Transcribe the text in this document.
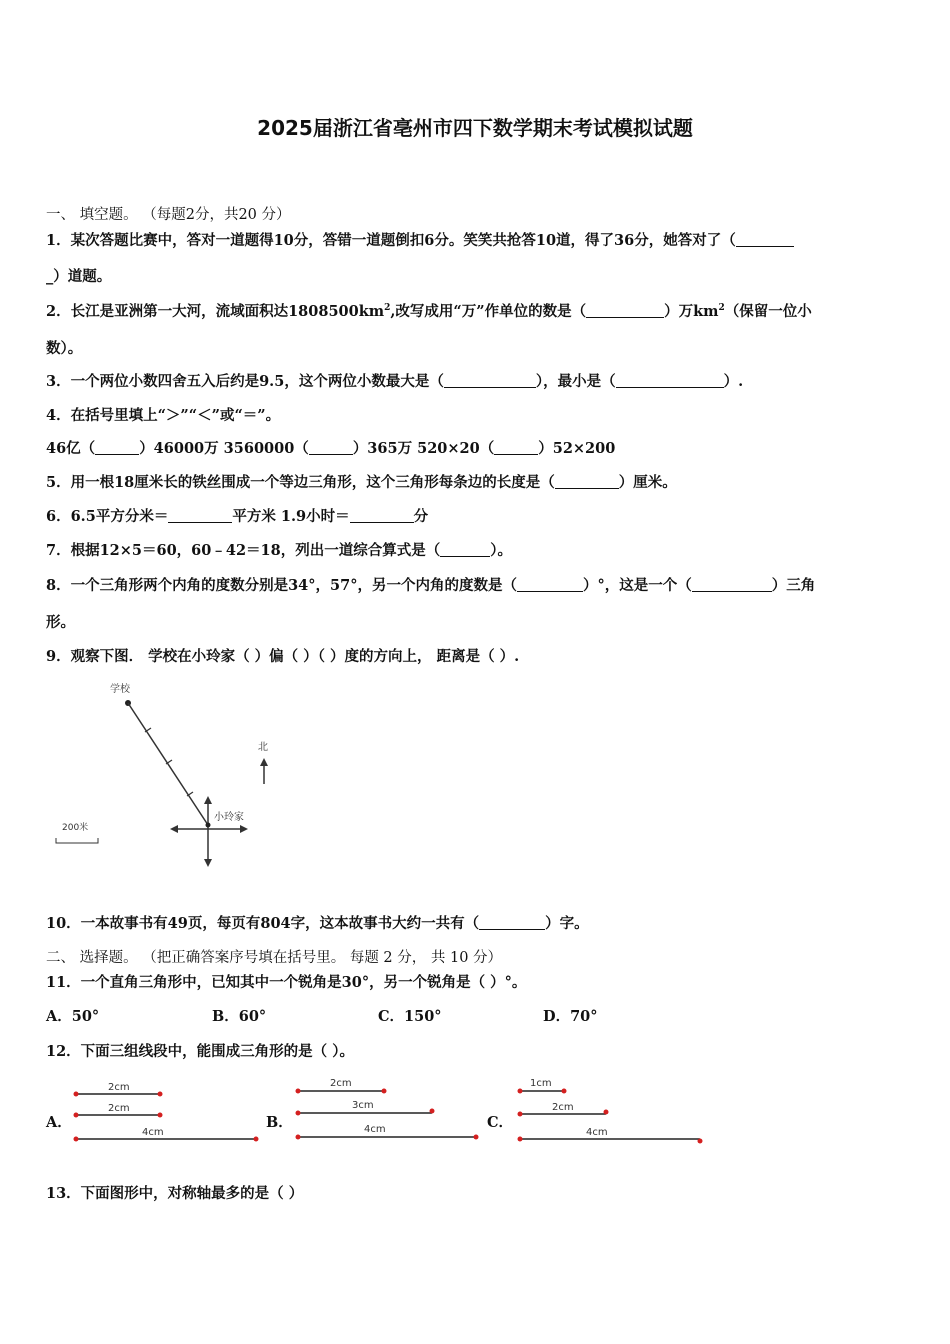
2025届浙江省亳州市四下数学期末考试模拟试题
一、 填空题。 （每题2分，共20 分）
1．某次答题比赛中，答对一道题得10分，答错一道题倒扣6分。笑笑共抢答10道，得了36分，她答对了（
_）道题。
2．长江是亚洲第一大河，流域面积达$1808500km^2$,改写成用“万”作单位的数是（	）万$km^2$（保留一位小
数）。
3．一个两位小数四舍五入后约是9.5，这个两位小数最大是（	），最小是（	）.
4．在括号里填上“＞”“＜”或“＝”。
46亿（	）46000万 3560000（	）365万 520×20（	）52×200
5．用一根18厘米长的铁丝围成一个等边三角形，这个三角形每条边的长度是（	）厘米。
6．6.5平方分米＝	平方米 1.9小时＝	分
7．根据12×5＝60，60﹣42＝18，列出一道综合算式是（	）。
8．一个三角形两个内角的度数分别是34°，57°，另一个内角的度数是（	）°，这是一个（	）三角
形。
9．观察下图． 学校在小玲家（ ）偏（ ）（ ）度的方向上， 距离是（ ）.
学校
北
小玲家
200米
10．一本故事书有49页，每页有804字，这本故事书大约一共有（	）字。
二、 选择题。 （把正确答案序号填在括号里。 每题 2 分， 共 10 分）
11．一个直角三角形中，已知其中一个锐角是30°，另一个锐角是（ ）°。
A．50°	B．60°	C．150°	D．70°
12．下面三组线段中，能围成三角形的是（ ）。
A．
2cm
2cm
4cm
B．
2cm
3cm
4cm	C．
1cm
2cm
4cm
13．下面图形中，对称轴最多的是（ ）
